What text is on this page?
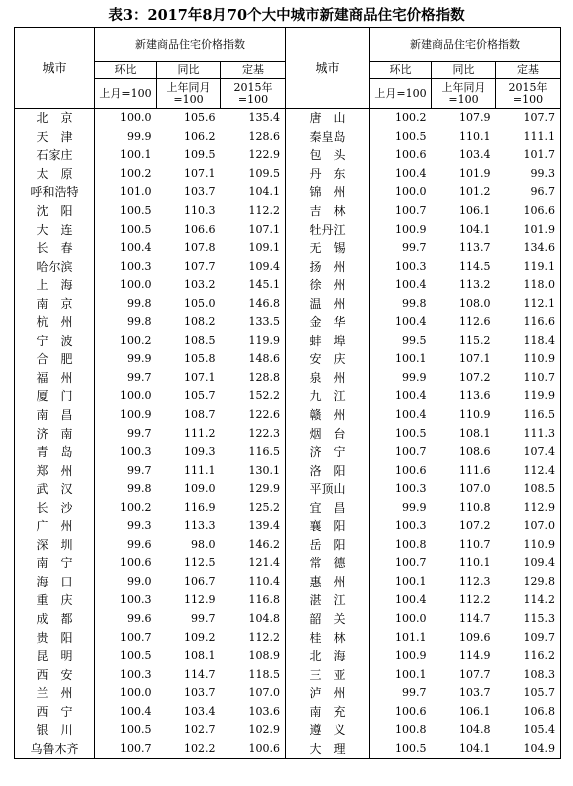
表3：2017年8月70个大中城市新建商品住宅价格指数
城市	新建商品住宅价格指数			城市	新建商品住宅价格指数		
	环比	同比	定基		环比	同比	定基
	上月=100	上年同月=100	2015年=100		上月=100	上年同月=100	2015年=100
北　京	100.0	105.6	135.4	唐　山	100.2	107.9	107.7
天　津	99.9	106.2	128.6	秦皇岛	100.5	110.1	111.1
石家庄	100.1	109.5	122.9	包　头	100.6	103.4	101.7
太　原	100.2	107.1	109.5	丹　东	100.4	101.9	99.3
呼和浩特	101.0	103.7	104.1	锦　州	100.0	101.2	96.7
沈　阳	100.5	110.3	112.2	吉　林	100.7	106.1	106.6
大　连	100.5	106.6	107.1	牡丹江	100.9	104.1	101.9
长　春	100.4	107.8	109.1	无　锡	99.7	113.7	134.6
哈尔滨	100.3	107.7	109.4	扬　州	100.3	114.5	119.1
上　海	100.0	103.2	145.1	徐　州	100.4	113.2	118.0
南　京	99.8	105.0	146.8	温　州	99.8	108.0	112.1
杭　州	99.8	108.2	133.5	金　华	100.4	112.6	116.6
宁　波	100.2	108.5	119.9	蚌　埠	99.5	115.2	118.4
合　肥	99.9	105.8	148.6	安　庆	100.1	107.1	110.9
福　州	99.7	107.1	128.8	泉　州	99.9	107.2	110.7
厦　门	100.0	105.7	152.2	九　江	100.4	113.6	119.9
南　昌	100.9	108.7	122.6	赣　州	100.4	110.9	116.5
济　南	99.7	111.2	122.3	烟　台	100.5	108.1	111.3
青　岛	100.3	109.3	116.5	济　宁	100.7	108.6	107.4
郑　州	99.7	111.1	130.1	洛　阳	100.6	111.6	112.4
武　汉	99.8	109.0	129.9	平顶山	100.3	107.0	108.5
长　沙	100.2	116.9	125.2	宜　昌	99.9	110.8	112.9
广　州	99.3	113.3	139.4	襄　阳	100.3	107.2	107.0
深　圳	99.6	98.0	146.2	岳　阳	100.8	110.7	110.9
南　宁	100.6	112.5	121.4	常　德	100.7	110.1	109.4
海　口	99.0	106.7	110.4	惠　州	100.1	112.3	129.8
重　庆	100.3	112.9	116.8	湛　江	100.4	112.2	114.2
成　都	99.6	99.7	104.8	韶　关	100.0	114.7	115.3
贵　阳	100.7	109.2	112.2	桂　林	101.1	109.6	109.7
昆　明	100.5	108.1	108.9	北　海	100.9	114.9	116.2
西　安	100.3	114.7	118.5	三　亚	100.1	107.7	108.3
兰　州	100.0	103.7	107.0	泸　州	99.7	103.7	105.7
西　宁	100.4	103.4	103.6	南　充	100.6	106.1	106.8
银　川	100.5	102.7	102.9	遵　义	100.8	104.8	105.4
乌鲁木齐	100.7	102.2	100.6	大　理	100.5	104.1	104.9
